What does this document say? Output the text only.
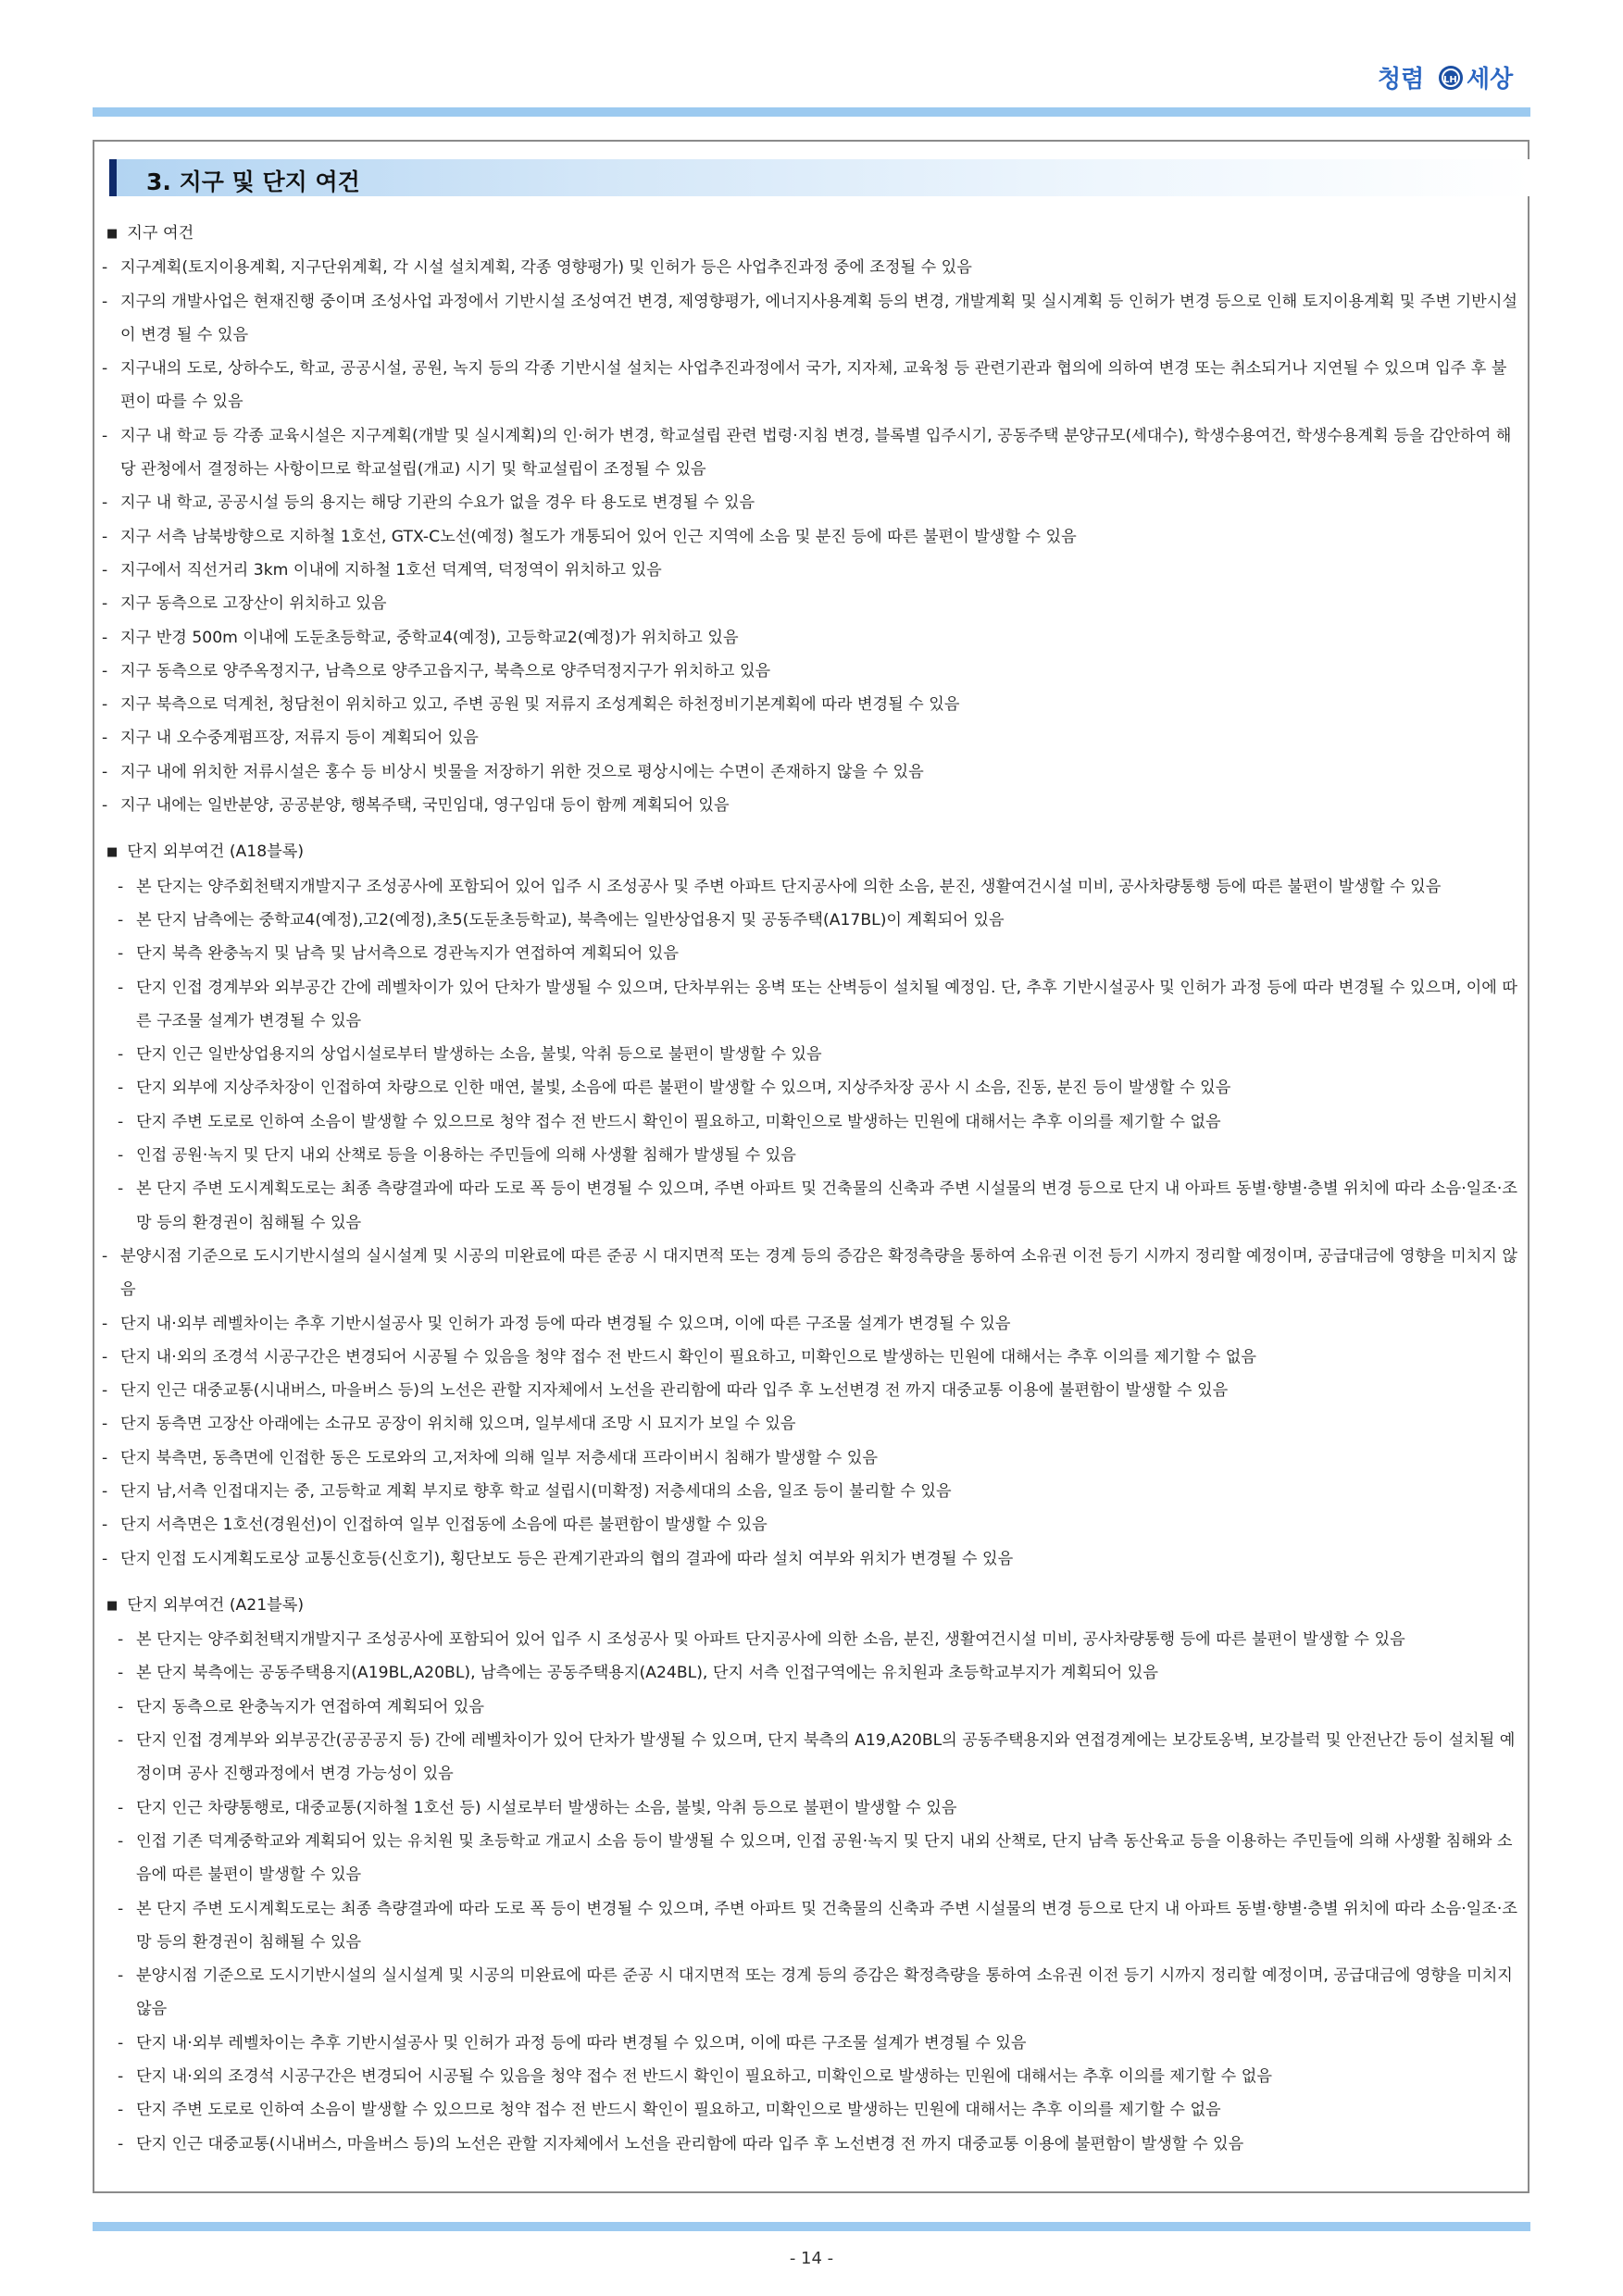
청렴 LH 세상
3. 지구 및 단지 여건
■ 지구 여건
- 지구계획(토지이용계획, 지구단위계획, 각 시설 설치계획, 각종 영향평가) 및 인허가 등은 사업추진과정 중에 조정될 수 있음
- 지구의 개발사업은 현재진행 중이며 조성사업 과정에서 기반시설 조성여건 변경, 제영향평가, 에너지사용계획 등의 변경, 개발계획 및 실시계획 등 인허가 변경 등으로 인해 토지이용계획 및 주변 기반시설이 변경 될 수 있음
- 지구내의 도로, 상하수도, 학교, 공공시설, 공원, 녹지 등의 각종 기반시설 설치는 사업추진과정에서 국가, 지자체, 교육청 등 관련기관과 협의에 의하여 변경 또는 취소되거나 지연될 수 있으며 입주 후 불편이 따를 수 있음
- 지구 내 학교 등 각종 교육시설은 지구계획(개발 및 실시계획)의 인·허가 변경, 학교설립 관련 법령·지침 변경, 블록별 입주시기, 공동주택 분양규모(세대수), 학생수용여건, 학생수용계획 등을 감안하여 해당 관청에서 결정하는 사항이므로 학교설립(개교) 시기 및 학교설립이 조정될 수 있음
- 지구 내 학교, 공공시설 등의 용지는 해당 기관의 수요가 없을 경우 타 용도로 변경될 수 있음
- 지구 서측 남북방향으로 지하철 1호선, GTX-C노선(예정) 철도가 개통되어 있어 인근 지역에 소음 및 분진 등에 따른 불편이 발생할 수 있음
- 지구에서 직선거리 3km 이내에 지하철 1호선 덕계역, 덕정역이 위치하고 있음
- 지구 동측으로 고장산이 위치하고 있음
- 지구 반경 500m 이내에 도둔초등학교, 중학교4(예정), 고등학교2(예정)가 위치하고 있음
- 지구 동측으로 양주옥정지구, 남측으로 양주고읍지구, 북측으로 양주덕정지구가 위치하고 있음
- 지구 북측으로 덕계천, 청담천이 위치하고 있고, 주변 공원 및 저류지 조성계획은 하천정비기본계획에 따라 변경될 수 있음
- 지구 내 오수중계펌프장, 저류지 등이 계획되어 있음
- 지구 내에 위치한 저류시설은 홍수 등 비상시 빗물을 저장하기 위한 것으로 평상시에는 수면이 존재하지 않을 수 있음
- 지구 내에는 일반분양, 공공분양, 행복주택, 국민임대, 영구임대 등이 함께 계획되어 있음
■ 단지 외부여건 (A18블록)
- 본 단지는 양주회천택지개발지구 조성공사에 포함되어 있어 입주 시 조성공사 및 주변 아파트 단지공사에 의한 소음, 분진, 생활여건시설 미비, 공사차량통행 등에 따른 불편이 발생할 수 있음
- 본 단지 남측에는 중학교4(예정),고2(예정),초5(도둔초등학교), 북측에는 일반상업용지 및 공동주택(A17BL)이 계획되어 있음
- 단지 북측 완충녹지 및 남측 및 남서측으로 경관녹지가 연접하여 계획되어 있음
- 단지 인접 경계부와 외부공간 간에 레벨차이가 있어 단차가 발생될 수 있으며, 단차부위는 옹벽 또는 산벽등이 설치될 예정임. 단, 추후 기반시설공사 및 인허가 과정 등에 따라 변경될 수 있으며, 이에 따른 구조물 설계가 변경될 수 있음
- 단지 인근 일반상업용지의 상업시설로부터 발생하는 소음, 불빛, 악취 등으로 불편이 발생할 수 있음
- 단지 외부에 지상주차장이 인접하여 차량으로 인한 매연, 불빛, 소음에 따른 불편이 발생할 수 있으며, 지상주차장 공사 시 소음, 진동, 분진 등이 발생할 수 있음
- 단지 주변 도로로 인하여 소음이 발생할 수 있으므로 청약 접수 전 반드시 확인이 필요하고, 미확인으로 발생하는 민원에 대해서는 추후 이의를 제기할 수 없음
- 인접 공원·녹지 및 단지 내외 산책로 등을 이용하는 주민들에 의해 사생활 침해가 발생될 수 있음
- 본 단지 주변 도시계획도로는 최종 측량결과에 따라 도로 폭 등이 변경될 수 있으며, 주변 아파트 및 건축물의 신축과 주변 시설물의 변경 등으로 단지 내 아파트 동별·향별·층별 위치에 따라 소음·일조·조망 등의 환경권이 침해될 수 있음
- 분양시점 기준으로 도시기반시설의 실시설계 및 시공의 미완료에 따른 준공 시 대지면적 또는 경계 등의 증감은 확정측량을 통하여 소유권 이전 등기 시까지 정리할 예정이며, 공급대금에 영향을 미치지 않음
- 단지 내·외부 레벨차이는 추후 기반시설공사 및 인허가 과정 등에 따라 변경될 수 있으며, 이에 따른 구조물 설계가 변경될 수 있음
- 단지 내·외의 조경석 시공구간은 변경되어 시공될 수 있음을 청약 접수 전 반드시 확인이 필요하고, 미확인으로 발생하는 민원에 대해서는 추후 이의를 제기할 수 없음
- 단지 인근 대중교통(시내버스, 마을버스 등)의 노선은 관할 지자체에서 노선을 관리함에 따라 입주 후 노선변경 전 까지 대중교통 이용에 불편함이 발생할 수 있음
- 단지 동측면 고장산 아래에는 소규모 공장이 위치해 있으며, 일부세대 조망 시 묘지가 보일 수 있음
- 단지 북측면, 동측면에 인접한 동은 도로와의 고,저차에 의해 일부 저층세대 프라이버시 침해가 발생할 수 있음
- 단지 남,서측 인접대지는 중, 고등학교 계획 부지로 향후 학교 설립시(미확정) 저층세대의 소음, 일조 등이 불리할 수 있음
- 단지 서측면은 1호선(경원선)이 인접하여 일부 인접동에 소음에 따른 불편함이 발생할 수 있음
- 단지 인접 도시계획도로상 교통신호등(신호기), 횡단보도 등은 관계기관과의 협의 결과에 따라 설치 여부와 위치가 변경될 수 있음
■ 단지 외부여건 (A21블록)
- 본 단지는 양주회천택지개발지구 조성공사에 포함되어 있어 입주 시 조성공사 및 아파트 단지공사에 의한 소음, 분진, 생활여건시설 미비, 공사차량통행 등에 따른 불편이 발생할 수 있음
- 본 단지 북측에는 공동주택용지(A19BL,A20BL), 남측에는 공동주택용지(A24BL), 단지 서측 인접구역에는 유치원과 초등학교부지가 계획되어 있음
- 단지 동측으로 완충녹지가 연접하여 계획되어 있음
- 단지 인접 경계부와 외부공간(공공공지 등) 간에 레벨차이가 있어 단차가 발생될 수 있으며, 단지 북측의 A19,A20BL의 공동주택용지와 연접경계에는 보강토옹벽, 보강블럭 및 안전난간 등이 설치될 예정이며 공사 진행과정에서 변경 가능성이 있음
- 단지 인근 차량통행로, 대중교통(지하철 1호선 등) 시설로부터 발생하는 소음, 불빛, 악취 등으로 불편이 발생할 수 있음
- 인접 기존 덕계중학교와 계획되어 있는 유치원 및 초등학교 개교시 소음 등이 발생될 수 있으며, 인접 공원·녹지 및 단지 내외 산책로, 단지 남측 동산육교 등을 이용하는 주민들에 의해 사생활 침해와 소음에 따른 불편이 발생할 수 있음
- 본 단지 주변 도시계획도로는 최종 측량결과에 따라 도로 폭 등이 변경될 수 있으며, 주변 아파트 및 건축물의 신축과 주변 시설물의 변경 등으로 단지 내 아파트 동별·향별·층별 위치에 따라 소음·일조·조망 등의 환경권이 침해될 수 있음
- 분양시점 기준으로 도시기반시설의 실시설계 및 시공의 미완료에 따른 준공 시 대지면적 또는 경계 등의 증감은 확정측량을 통하여 소유권 이전 등기 시까지 정리할 예정이며, 공급대금에 영향을 미치지 않음
- 단지 내·외부 레벨차이는 추후 기반시설공사 및 인허가 과정 등에 따라 변경될 수 있으며, 이에 따른 구조물 설계가 변경될 수 있음
- 단지 내·외의 조경석 시공구간은 변경되어 시공될 수 있음을 청약 접수 전 반드시 확인이 필요하고, 미확인으로 발생하는 민원에 대해서는 추후 이의를 제기할 수 없음
- 단지 주변 도로로 인하여 소음이 발생할 수 있으므로 청약 접수 전 반드시 확인이 필요하고, 미확인으로 발생하는 민원에 대해서는 추후 이의를 제기할 수 없음
- 단지 인근 대중교통(시내버스, 마을버스 등)의 노선은 관할 지자체에서 노선을 관리함에 따라 입주 후 노선변경 전 까지 대중교통 이용에 불편함이 발생할 수 있음
- 14 -
